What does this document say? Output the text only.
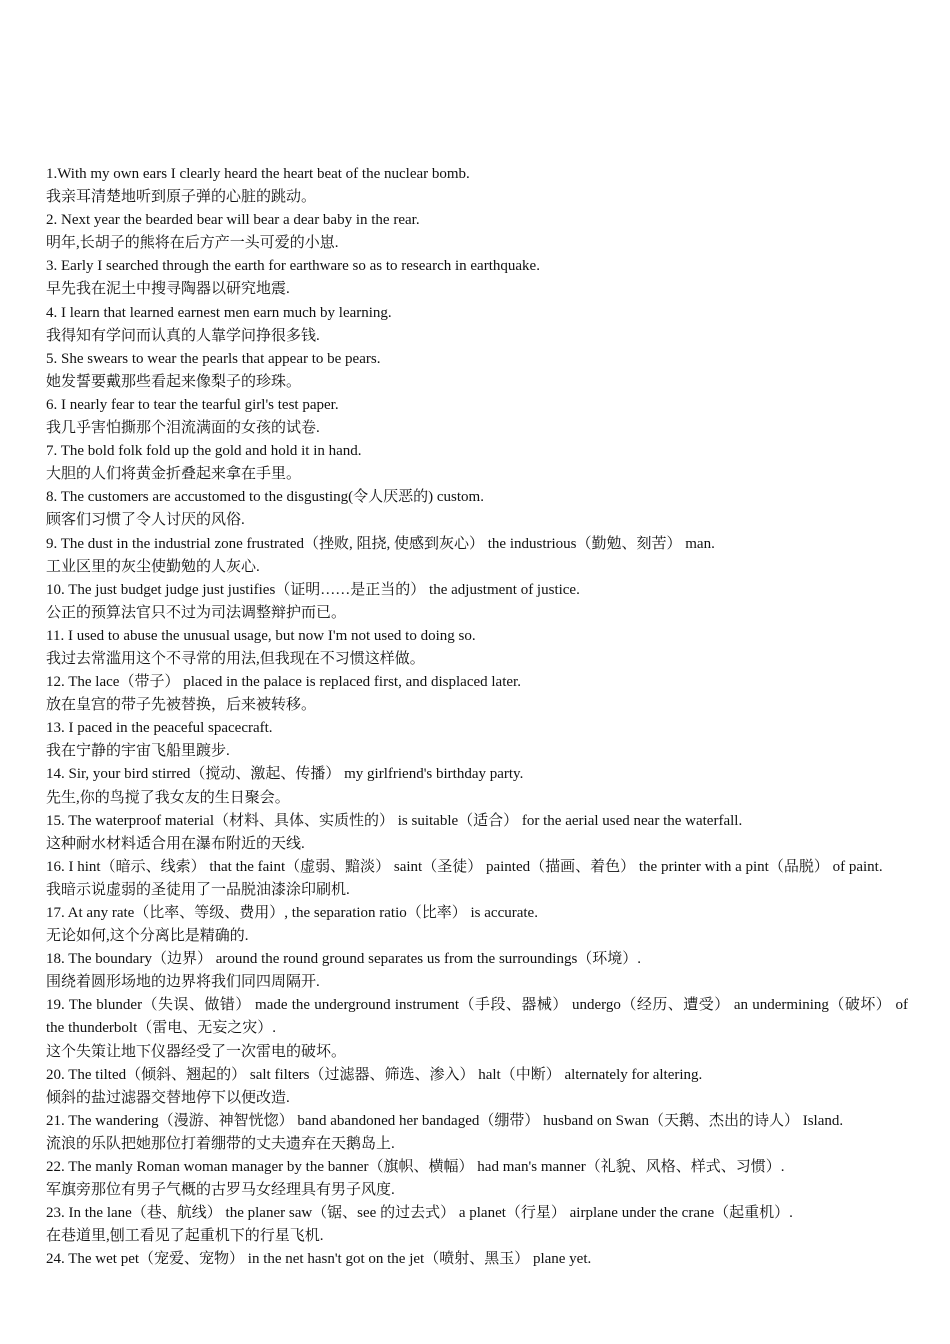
1.With my own ears I clearly heard the heart beat of the nuclear bomb.

我亲耳清楚地听到原子弹的心脏的跳动。

2. Next year the bearded bear will bear a dear baby in the rear.

明年,长胡子的熊将在后方产一头可爱的小崽.

3. Early I searched through the earth for earthware so as to research in earthquake.

早先我在泥土中搜寻陶器以研究地震.

4. I learn that learned earnest men earn much by learning.

我得知有学问而认真的人靠学问挣很多钱.

5. She swears to wear the pearls that appear to be pears.

她发誓要戴那些看起来像梨子的珍珠。

6. I nearly fear to tear the tearful girl's test paper.

我几乎害怕撕那个泪流满面的女孩的试卷.

7. The bold folk fold up the gold and hold it in hand.

大胆的人们将黄金折叠起来拿在手里。

8. The customers are accustomed to the disgusting(令人厌恶的) custom.

顾客们习惯了令人讨厌的风俗.

9. The dust in the industrial zone frustrated（挫败, 阻挠, 使感到灰心） the industrious（勤勉、刻苦） man.

工业区里的灰尘使勤勉的人灰心.

10. The just budget judge just justifies（证明……是正当的） the adjustment of justice.

公正的预算法官只不过为司法调整辩护而已。

11. I used to abuse the unusual usage, but now I'm not used to doing so.

我过去常滥用这个不寻常的用法,但我现在不习惯这样做。

12. The lace（带子） placed in the palace is replaced first, and displaced later.

放在皇宫的带子先被替换，后来被转移。

13. I paced in the peaceful spacecraft.

我在宁静的宇宙飞船里踱步.

14. Sir, your bird stirred（搅动、激起、传播） my girlfriend's birthday party.

先生,你的鸟搅了我女友的生日聚会。

15. The waterproof material（材料、具体、实质性的） is suitable（适合） for the aerial used near the waterfall.

这种耐水材料适合用在瀑布附近的天线.

16. I hint（暗示、线索） that the faint（虚弱、黯淡） saint（圣徒） painted（描画、着色） the printer with a pint（品脱） of paint.

我暗示说虚弱的圣徒用了一品脱油漆涂印刷机.

17. At any rate（比率、等级、费用）, the separation ratio（比率） is accurate.

无论如何,这个分离比是精确的.

18. The boundary（边界） around the round ground separates us from the surroundings（环境）.

围绕着圆形场地的边界将我们同四周隔开.

19. The blunder（失误、做错） made the underground instrument（手段、器械） undergo（经历、遭受） an undermining（破坏） of the thunderbolt（雷电、无妄之灾）.

这个失策让地下仪器经受了一次雷电的破坏。

20. The tilted（倾斜、翘起的） salt filters（过滤器、筛选、渗入） halt（中断） alternately for altering.

倾斜的盐过滤器交替地停下以便改造.

21. The wandering（漫游、神智恍惚） band abandoned her bandaged（绷带） husband on Swan（天鹅、杰出的诗人） Island.

流浪的乐队把她那位打着绷带的丈夫遗弃在天鹅岛上.

22. The manly Roman woman manager by the banner（旗帜、横幅） had man's manner（礼貌、风格、样式、习惯）.

军旗旁那位有男子气概的古罗马女经理具有男子风度.

23. In the lane（巷、航线） the planer saw（锯、see 的过去式） a planet（行星） airplane under the crane（起重机）.

在巷道里,刨工看见了起重机下的行星飞机.

24. The wet pet（宠爱、宠物） in the net hasn't got on the jet（喷射、黑玉） plane yet.
